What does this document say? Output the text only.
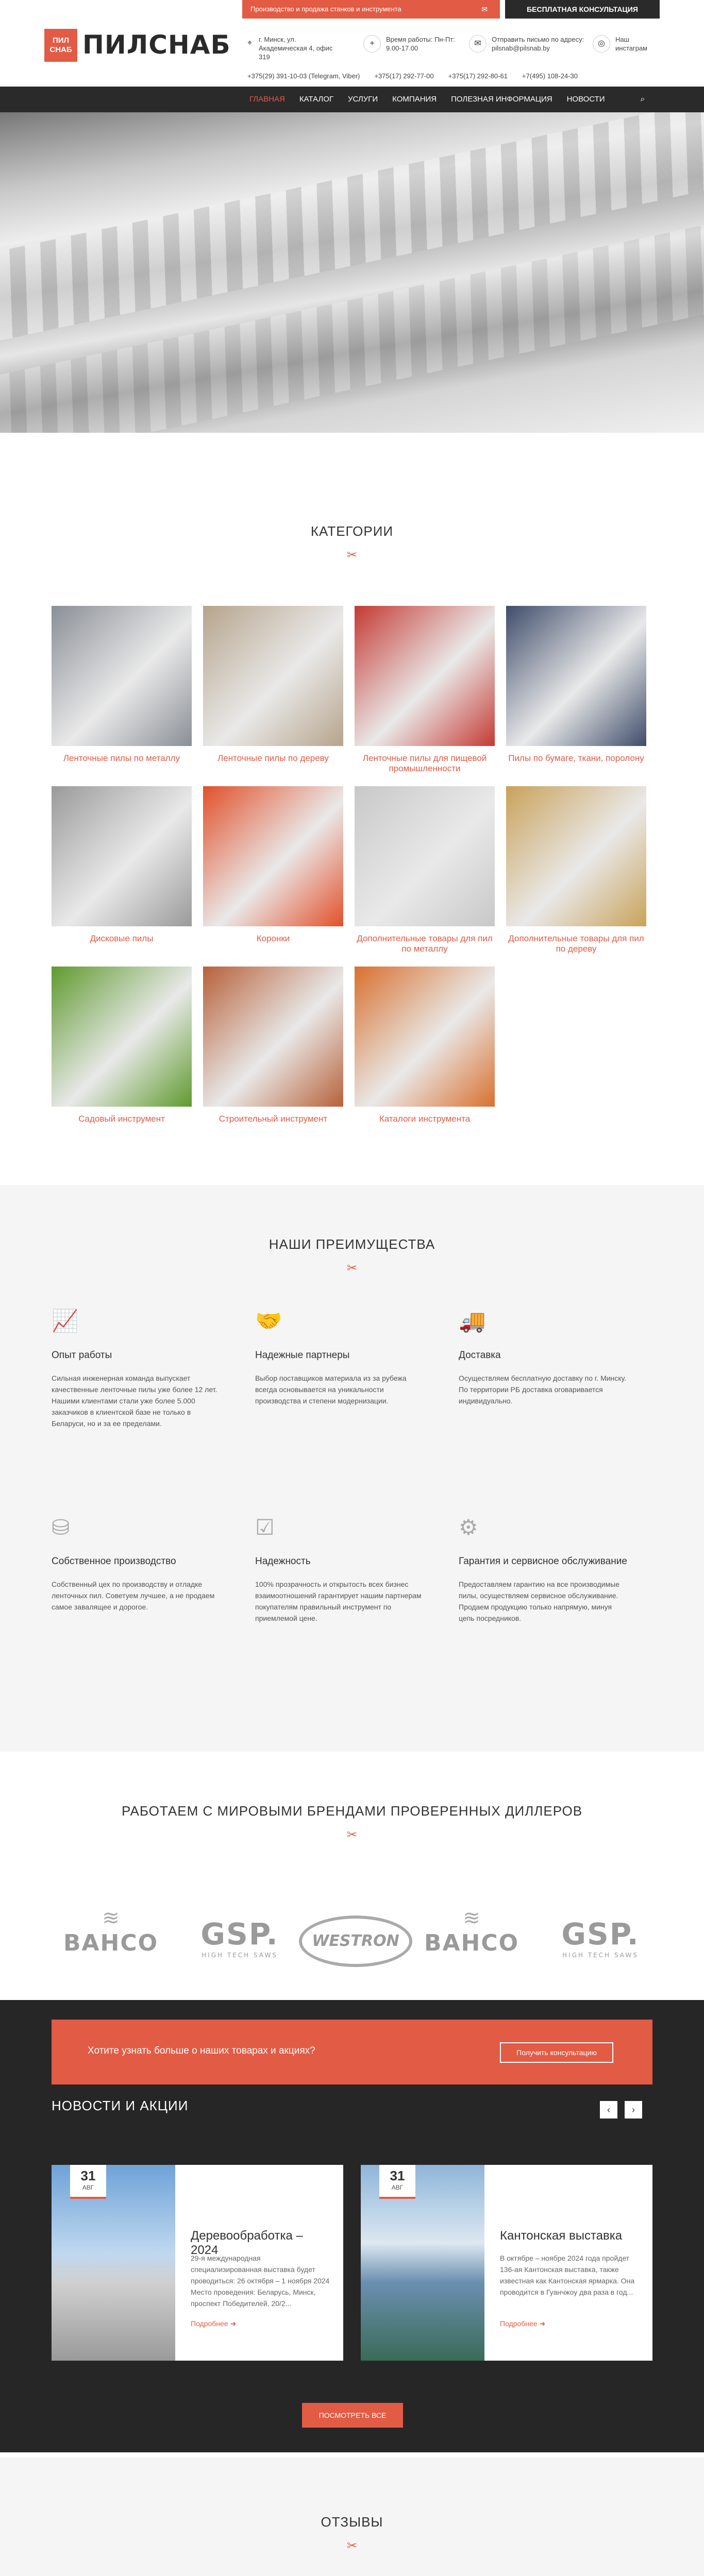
Производство и продажа станков и инструмента	✉	БЕСПЛАТНАЯ КОНСУЛЬТАЦИЯ
ПИЛ СНАБ ПИЛСНАБ ⌖ г. Минск, ул. Академическая 4, офис 319
+	Время работы: Пн-Пт: 9.00-17.00
✉	Отправить письмо по адресу:
pilsnab@pilsnab.by
◎	Наш инстаграм
+375(29) 391-10-03 (Telegram, Viber) +375(17) 292-77-00 +375(17) 292-80-61 +7(495) 108-24-30
ГЛАВНАЯ	КАТАЛОГ	УСЛУГИ	КОМПАНИЯ	ПОЛЕЗНАЯ ИНФОРМАЦИЯ	НОВОСТИ	⌕
КАТЕГОРИИ
✂
Ленточные пилы по металлу	Ленточные пилы по дереву	Ленточные пилы для пищевой промышленности
Пилы по бумаге, ткани, поролону
Дисковые пилы	Коронки	Дополнительные товары для пил по металлу
Дополнительные товары для пил по дереву
Садовый инструмент	Строительный инструмент	Каталоги инструмента
НАШИ ПРЕИМУЩЕСТВА
✂
📈
Опыт работы

Сильная инженерная команда выпускает качественные ленточные пилы уже более 12 лет. Нашими клиентами стали уже более 5.000 заказчиков в клиентской базе не только в Беларуси, но и за ее пределами.

🤝
Надежные партнеры

Выбор поставщиков материала из за рубежа всегда основывается на уникальности производства и степени модернизации.

🚚
Доставка

Осуществляем бесплатную доставку по г. Минску. По территории РБ доставка оговаривается индивидуально.

⛁
Собственное производство

Собственный цех по производству и отладке ленточных пил. Советуем лучшее, а не продаем самое завалящее и дорогое.

☑
Надежность

100% прозрачность и открытость всех бизнес взаимоотношений гарантирует нашим партнерам покупателям правильный инструмент по приемлемой цене.

⚙
Гарантия и сервисное обслуживание

Предоставляем гарантию на все производимые пилы, осуществляем сервисное обслуживание. Продаем продукцию только напрямую, минуя цепь посредников.

РАБОТАЕМ С МИРОВЫМИ БРЕНДАМИ ПРОВЕРЕННЫХ ДИЛЛЕРОВ
✂
≋
BAHCO	GSP.
HIGH TECH SAWS
WESTRON
≋
BAHCO	GSP.
HIGH TECH SAWS
НОВОСТИ И АКЦИИ	‹	›
31
АВГ
Деревообработка – 2024
29-я международная специализированная выставка будет проводиться: 26 октября – 1 ноября 2024 Место проведения: Беларусь, Минск, проспект Победителей, 20/2...
Подробнее ➜
31
АВГ
Кантонская выставка
В октябре – ноябре 2024 года пройдет 136-ая Кантонская выставка, также известная как Кантонская ярмарка. Она проводится в Гуанчжоу два раза в год...
Подробнее ➜
ПОСМОТРЕТЬ ВСЕ
Хотите узнать больше о наших товарах и акциях?	Получить консультацию
ОТЗЫВЫ
✂
